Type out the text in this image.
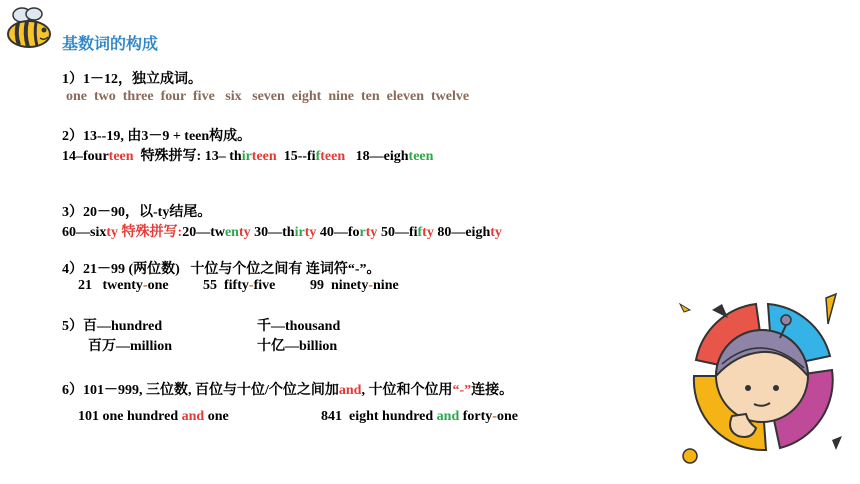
基数词的构成
1）1－12，独立成词。
one  two  three  four  five   six   seven  eight  nine  ten  eleven  twelve
2）13--19, 由3－9 + teen构成。
14–fourteen  特殊拼写: 13– thirteen  15--fifteen   18—eighteen
3）20－90，以-ty结尾。
60—sixty 特殊拼写:20—twenty 30—thirty 40—forty 50—fifty 80—eighty
4）21－99 (两位数)   十位与个位之间有 连词符“-”。
21   twenty-one 55  fifty-five 99  ninety-nine
5）百—hundred	千—thousand
百万—million	十亿—billion
6）101－999, 三位数, 百位与十位/个位之间加and, 十位和个位用“-”连接。
101 one hundred and one	841  eight hundred and forty-one
